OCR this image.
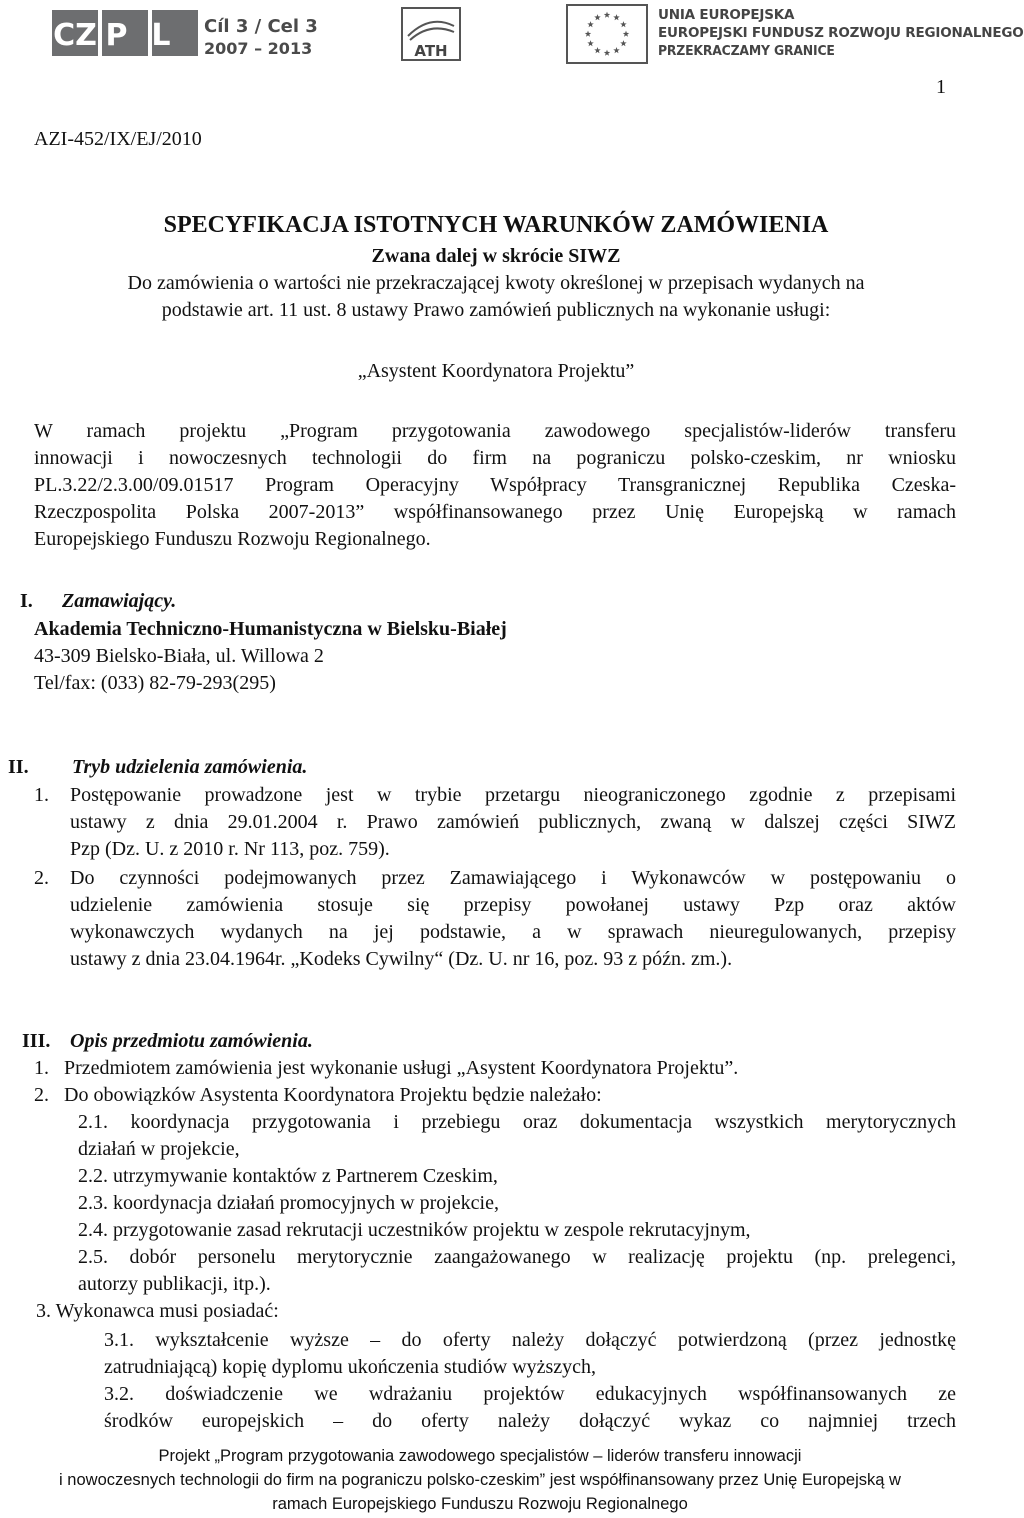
CZ PL Cíl 3 / Cel 3
2007 – 2013	ATH
UNIA EUROPEJSKA
EUROPEJSKI FUNDUSZ ROZWOJU REGIONALNEGO
PRZEKRACZAMY GRANICE
1
AZI-452/IX/EJ/2010
SPECYFIKACJA ISTOTNYCH WARUNKÓW ZAMÓWIENIA
Zwana dalej w skrócie SIWZ
Do zamówienia o wartości nie przekraczającej kwoty określonej w przepisach wydanych na
podstawie art. 11 ust. 8 ustawy Prawo zamówień publicznych na wykonanie usługi:
„Asystent Koordynatora Projektu”
W ramach projektu „Program przygotowania zawodowego specjalistów-liderów transferu
innowacji i nowoczesnych technologii do firm na pograniczu polsko-czeskim, nr wniosku
PL.3.22/2.3.00/09.01517 Program Operacyjny Współpracy Transgranicznej Republika Czeska-
Rzeczpospolita Polska 2007-2013” współfinansowanego przez Unię Europejską w ramach
Europejskiego Funduszu Rozwoju Regionalnego.
I. Zamawiający.
Akademia Techniczno-Humanistyczna w Bielsku-Białej
43-309 Bielsko-Biała, ul. Willowa 2
Tel/fax: (033) 82-79-293(295)
II. Tryb udzielenia zamówienia.
1. Postępowanie prowadzone jest w trybie przetargu nieograniczonego zgodnie z przepisami
ustawy z dnia 29.01.2004 r. Prawo zamówień publicznych, zwaną w dalszej części SIWZ
Pzp (Dz. U. z 2010 r. Nr 113, poz. 759).
2. Do czynności podejmowanych przez Zamawiającego i Wykonawców w postępowaniu o
udzielenie zamówienia stosuje się przepisy powołanej ustawy Pzp oraz aktów
wykonawczych wydanych na jej podstawie, a w sprawach nieuregulowanych, przepisy
ustawy z dnia 23.04.1964r. „Kodeks Cywilny“ (Dz. U. nr 16, poz. 93 z późn. zm.).
III. Opis przedmiotu zamówienia.
1. Przedmiotem zamówienia jest wykonanie usługi „Asystent Koordynatora Projektu”.
2. Do obowiązków Asystenta Koordynatora Projektu będzie należało:
2.1. koordynacja przygotowania i przebiegu oraz dokumentacja wszystkich merytorycznych
działań w projekcie,
2.2. utrzymywanie kontaktów z Partnerem Czeskim,
2.3. koordynacja działań promocyjnych w projekcie,
2.4. przygotowanie zasad rekrutacji uczestników projektu w zespole rekrutacyjnym,
2.5. dobór personelu merytorycznie zaangażowanego w realizację projektu (np. prelegenci,
autorzy publikacji, itp.).
3. Wykonawca musi posiadać:
3.1. wykształcenie wyższe – do oferty należy dołączyć potwierdzoną (przez jednostkę
zatrudniającą) kopię dyplomu ukończenia studiów wyższych,
3.2. doświadczenie we wdrażaniu projektów edukacyjnych współfinansowanych ze
środków europejskich – do oferty należy dołączyć wykaz co najmniej trzech
Projekt „Program przygotowania zawodowego specjalistów – liderów transferu innowacji
i nowoczesnych technologii do firm na pograniczu polsko-czeskim” jest współfinansowany przez Unię Europejską w
ramach Europejskiego Funduszu Rozwoju Regionalnego
